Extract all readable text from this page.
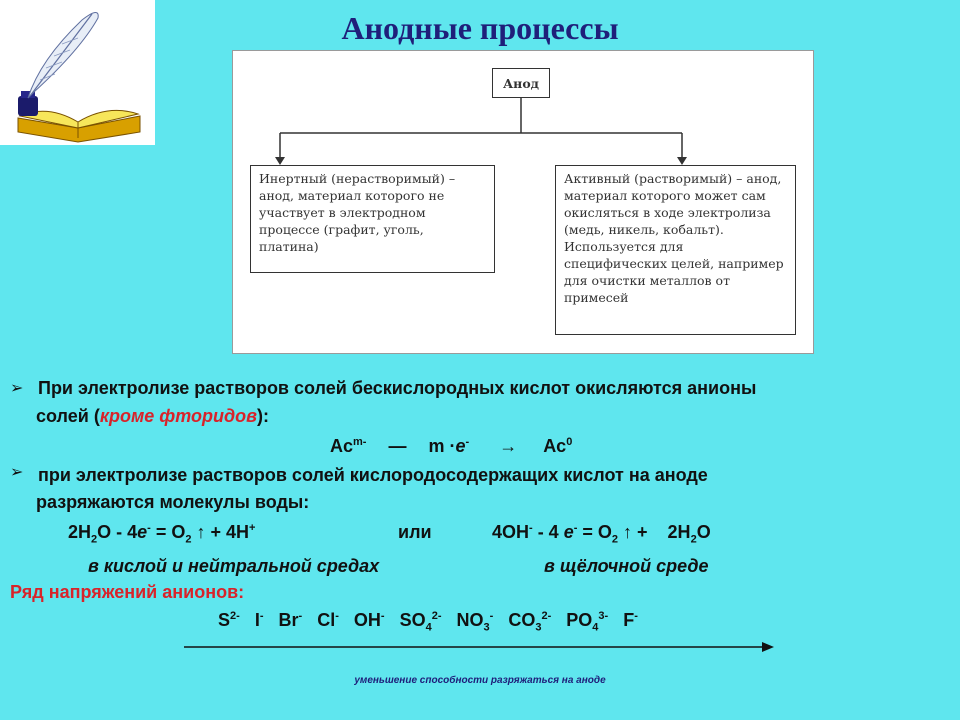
Анодные процессы
Анод
Инертный (нерастворимый) – анод, материал которого не участвует в электродном процессе (графит, уголь, платина)
Активный (растворимый) – анод, материал которого может сам окисляться в ходе электролиза (медь, никель, кобальт). Используется для специфических целей, например для очистки металлов от примесей
➢ При электролизе растворов солей бескислородных кислот окисляются анионы
солей (кроме фторидов):
$Ac^{m-}$ — $m \cdot e^- \to Ac^0$
➢ при электролизе растворов солей кислородосодержащих кислот на аноде
разряжаются молекулы воды:
$2H_2O - 4e^- = O_2$ ↑ + 4H+	или	4OH- - 4 $e^- = O_2$ ↑ + $2H_2O$
в кислой и нейтральной средах	в щёлочной среде
Ряд напряжений анионов:
$S^{2-}$ I- Br- Cl- OH- $SO_4^{2-}$ $NO_3^-$ $CO_3^{2-}$ $PO_4^{3-}$ F-
уменьшение способности разряжаться на аноде
